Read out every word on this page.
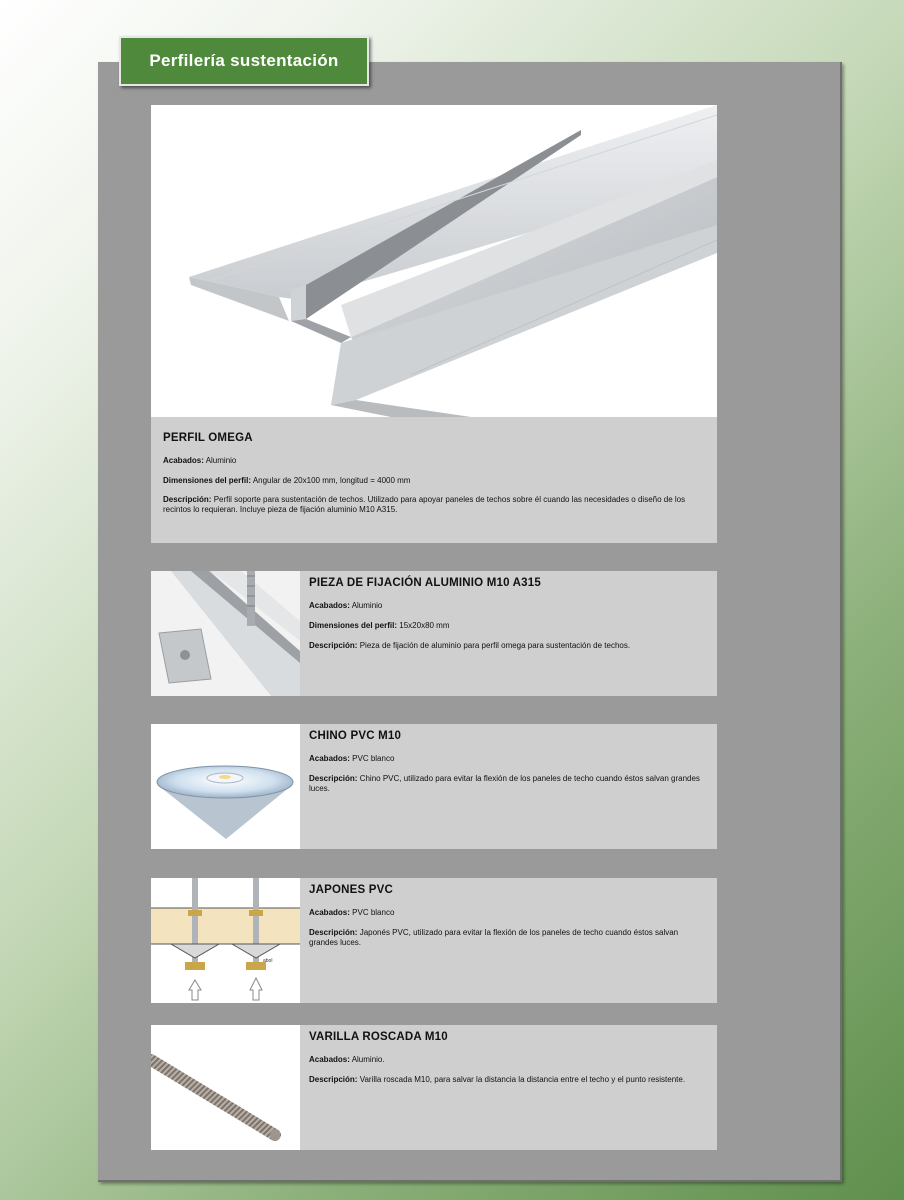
Perfilería sustentación
PERFIL OMEGA

Acabados: Aluminio

Dimensiones del perfil: Angular de 20x100 mm, longitud = 4000 mm

Descripción: Perfil soporte para sustentación de techos. Utilizado para apoyar paneles de techos sobre él cuando las necesidades o diseño de los recintos lo requieran. Incluye pieza de fijación aluminio M10 A315.

PIEZA DE FIJACIÓN ALUMINIO M10 A315

Acabados: Aluminio

Dimensiones del perfil: 15x20x80 mm

Descripción: Pieza de fijación de aluminio para perfil omega para sustentación de techos.

CHINO PVC M10

Acabados: PVC blanco

Descripción: Chino PVC, utilizado para evitar la flexión de los paneles de techo cuando éstos salvan grandes luces.

abol
JAPONES PVC

Acabados: PVC blanco

Descripción: Japonés PVC, utilizado para evitar la flexión de los paneles de techo cuando éstos salvan grandes luces.

VARILLA ROSCADA M10

Acabados: Aluminio.

Descripción: Varilla roscada M10, para salvar la distancia la distancia entre el techo y el punto resistente.
